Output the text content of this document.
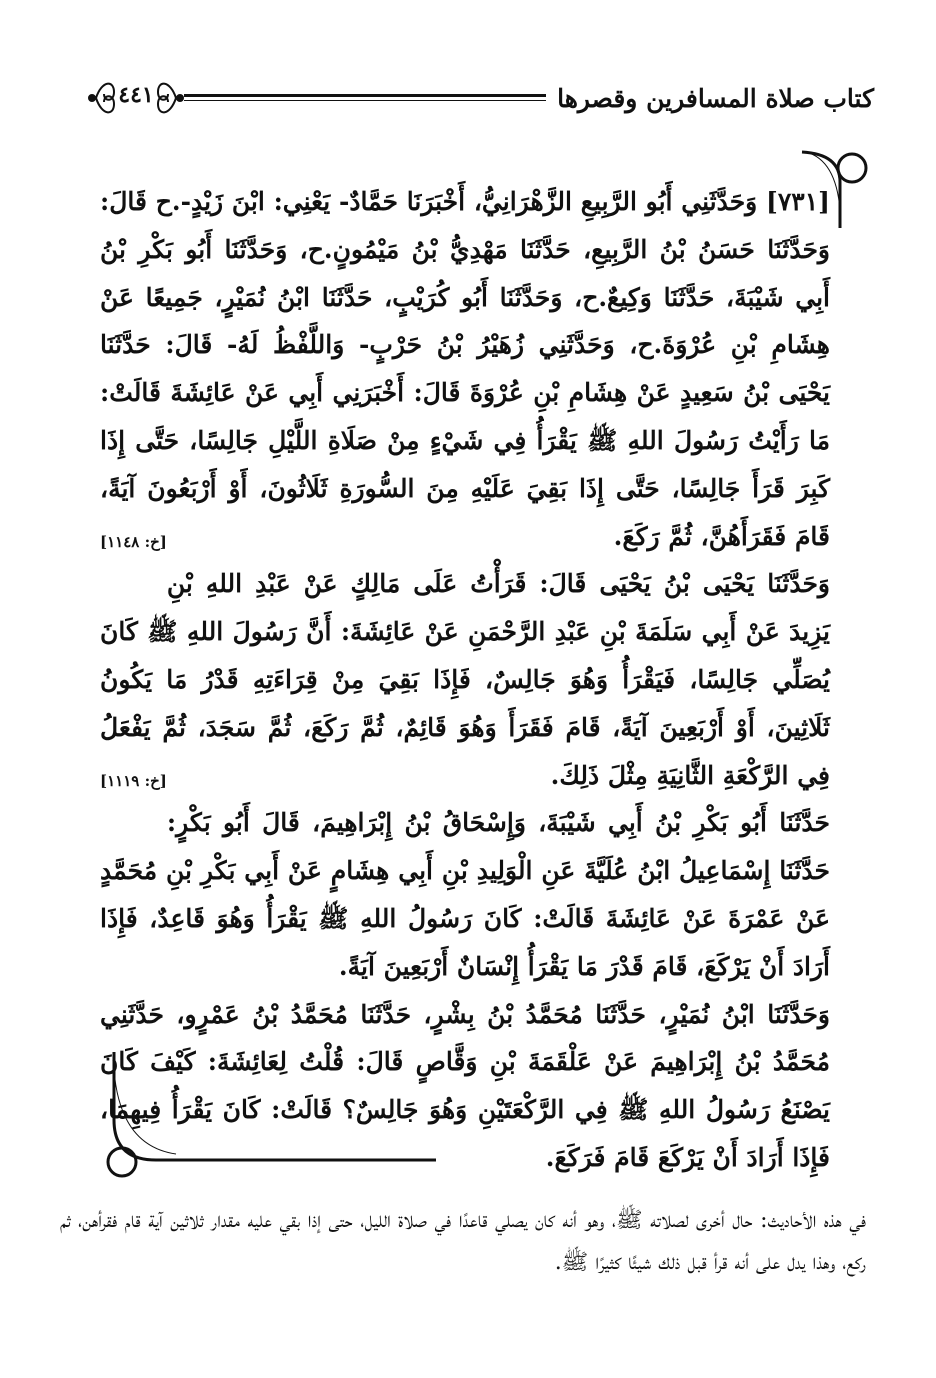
كتاب صلاة المسافرين وقصرها
٤٤١

[٧٣١] وَحَدَّثَنِي أَبُو الرَّبِيعِ الزَّهْرَانِيُّ، أَخْبَرَنَا حَمَّادٌ- يَعْنِي: ابْنَ زَيْدٍ-.ح قَالَ: وَحَدَّثَنَا حَسَنُ بْنُ الرَّبِيعِ، حَدَّثَنَا مَهْدِيُّ بْنُ مَيْمُونٍ.ح، وَحَدَّثَنَا أَبُو بَكْرِ بْنُ أَبِي شَيْبَةَ، حَدَّثَنَا وَكِيعٌ.ح، وَحَدَّثَنَا أَبُو كُرَيْبٍ، حَدَّثَنَا ابْنُ نُمَيْرٍ، جَمِيعًا عَنْ هِشَامِ بْنِ عُرْوَةَ.ح، وَحَدَّثَنِي زُهَيْرُ بْنُ حَرْبٍ- وَاللَّفْظُ لَهُ- قَالَ: حَدَّثَنَا يَحْيَى بْنُ سَعِيدٍ عَنْ هِشَامِ بْنِ عُرْوَةَ قَالَ: أَخْبَرَنِي أَبِي عَنْ عَائِشَةَ قَالَتْ: مَا رَأَيْتُ رَسُولَ اللهِ ﷺ يَقْرَأُ فِي شَيْءٍ مِنْ صَلَاةِ اللَّيْلِ جَالِسًا، حَتَّى إِذَا كَبِرَ قَرَأَ جَالِسًا، حَتَّى إِذَا بَقِيَ عَلَيْهِ مِنَ السُّورَةِ ثَلَاثُونَ، أَوْ أَرْبَعُونَ آيَةً، قَامَ فَقَرَأَهُنَّ، ثُمَّ رَكَعَ.
[خ: ١١٤٨]

وَحَدَّثَنَا يَحْيَى بْنُ يَحْيَى قَالَ: قَرَأْتُ عَلَى مَالِكٍ عَنْ عَبْدِ اللهِ بْنِ يَزِيدَ عَنْ أَبِي سَلَمَةَ بْنِ عَبْدِ الرَّحْمَنِ عَنْ عَائِشَةَ: أَنَّ رَسُولَ اللهِ ﷺ كَانَ يُصَلِّي جَالِسًا، فَيَقْرَأُ وَهُوَ جَالِسٌ، فَإِذَا بَقِيَ مِنْ قِرَاءَتِهِ قَدْرُ مَا يَكُونُ ثَلَاثِينَ، أَوْ أَرْبَعِينَ آيَةً، قَامَ فَقَرَأَ وَهُوَ قَائِمٌ، ثُمَّ رَكَعَ، ثُمَّ سَجَدَ، ثُمَّ يَفْعَلُ فِي الرَّكْعَةِ الثَّانِيَةِ مِثْلَ ذَلِكَ.
[خ: ١١١٩]

حَدَّثَنَا أَبُو بَكْرِ بْنُ أَبِي شَيْبَةَ، وَإِسْحَاقُ بْنُ إِبْرَاهِيمَ، قَالَ أَبُو بَكْرٍ: حَدَّثَنَا إِسْمَاعِيلُ ابْنُ عُلَيَّةَ عَنِ الْوَلِيدِ بْنِ أَبِي هِشَامٍ عَنْ أَبِي بَكْرِ بْنِ مُحَمَّدٍ عَنْ عَمْرَةَ عَنْ عَائِشَةَ قَالَتْ: كَانَ رَسُولُ اللهِ ﷺ يَقْرَأُ وَهُوَ قَاعِدٌ، فَإِذَا أَرَادَ أَنْ يَرْكَعَ، قَامَ قَدْرَ مَا يَقْرَأُ إِنْسَانٌ أَرْبَعِينَ آيَةً.

وَحَدَّثَنَا ابْنُ نُمَيْرٍ، حَدَّثَنَا مُحَمَّدُ بْنُ بِشْرٍ، حَدَّثَنَا مُحَمَّدُ بْنُ عَمْرٍو، حَدَّثَنِي مُحَمَّدُ بْنُ إِبْرَاهِيمَ عَنْ عَلْقَمَةَ بْنِ وَقَّاصٍ قَالَ: قُلْتُ لِعَائِشَةَ: كَيْفَ كَانَ يَصْنَعُ رَسُولُ اللهِ ﷺ فِي الرَّكْعَتَيْنِ وَهُوَ جَالِسٌ؟ قَالَتْ: كَانَ يَقْرَأُ فِيهِمَا، فَإِذَا أَرَادَ أَنْ يَرْكَعَ قَامَ فَرَكَعَ.

في هذه الأحاديث: حال أخرى لصلاته ﷺ، وهو أنه كان يصلي قاعدًا في صلاة الليل، حتى إذا بقي عليه مقدار ثلاثين آية قام فقرأهن، ثم ركع، وهذا يدل على أنه قرأ قبل ذلك شيئًا كثيرًا ﷺ.
